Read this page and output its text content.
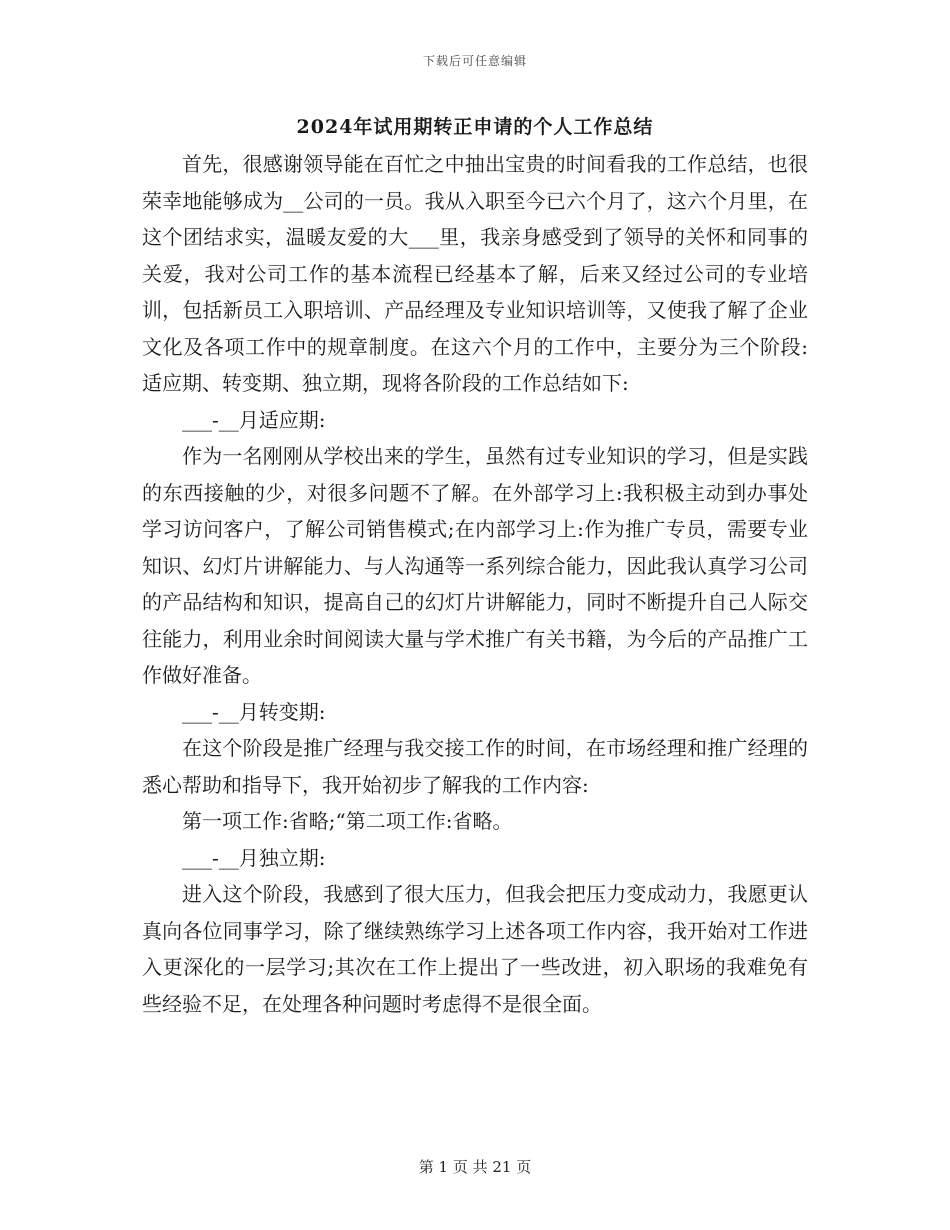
下载后可任意编辑
2024年试用期转正申请的个人工作总结

首先，很感谢领导能在百忙之中抽出宝贵的时间看我的工作总结，也很荣幸地能够成为__公司的一员。我从入职至今已六个月了，这六个月里，在这个团结求实，温暖友爱的大___里，我亲身感受到了领导的关怀和同事的关爱，我对公司工作的基本流程已经基本了解，后来又经过公司的专业培训，包括新员工入职培训、产品经理及专业知识培训等，又使我了解了企业文化及各项工作中的规章制度。在这六个月的工作中，主要分为三个阶段:适应期、转变期、独立期，现将各阶段的工作总结如下:

___-__月适应期:

作为一名刚刚从学校出来的学生，虽然有过专业知识的学习，但是实践的东西接触的少，对很多问题不了解。在外部学习上:我积极主动到办事处学习访问客户，了解公司销售模式;在内部学习上:作为推广专员，需要专业知识、幻灯片讲解能力、与人沟通等一系列综合能力，因此我认真学习公司的产品结构和知识，提高自己的幻灯片讲解能力，同时不断提升自己人际交往能力，利用业余时间阅读大量与学术推广有关书籍，为今后的产品推广工作做好准备。

___-__月转变期:

在这个阶段是推广经理与我交接工作的时间，在市场经理和推广经理的悉心帮助和指导下，我开始初步了解我的工作内容:

第一项工作:省略;“第二项工作:省略。

___-__月独立期:

进入这个阶段，我感到了很大压力，但我会把压力变成动力，我愿更认真向各位同事学习，除了继续熟练学习上述各项工作内容，我开始对工作进入更深化的一层学习;其次在工作上提出了一些改进，初入职场的我难免有些经验不足，在处理各种问题时考虑得不是很全面。

第 1 页 共 21 页
